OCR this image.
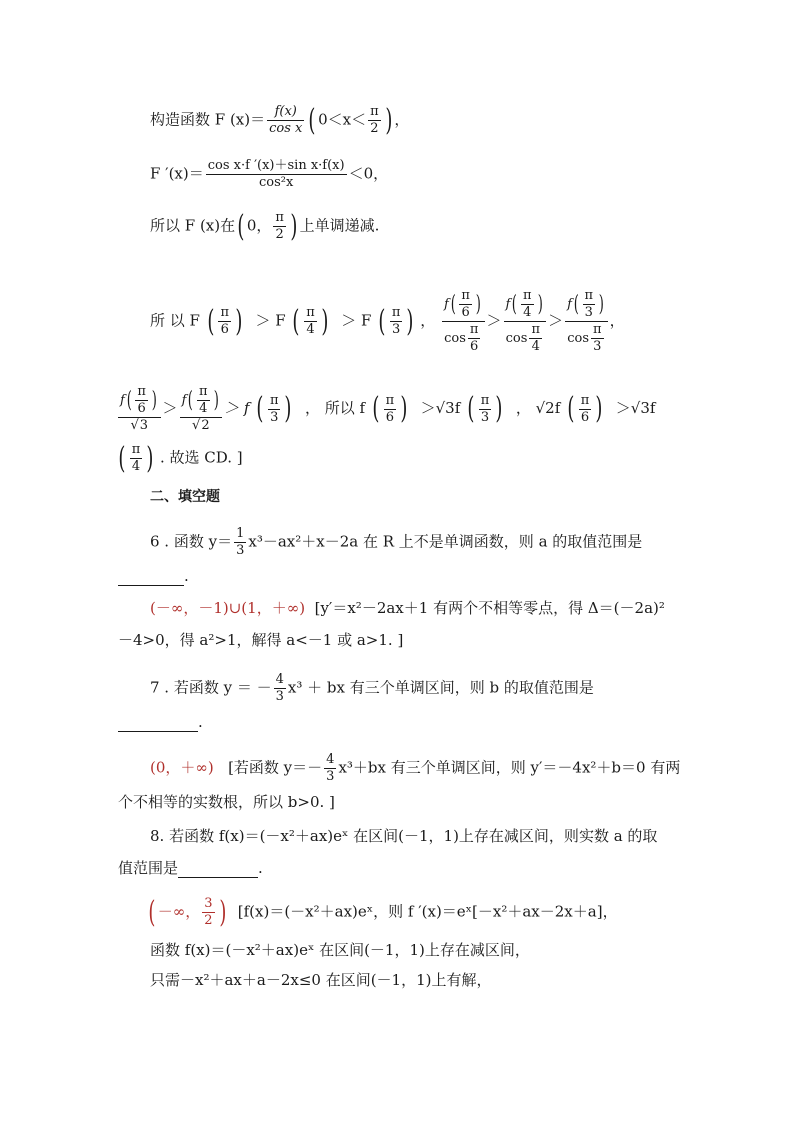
构造函数 F $(x)= \frac{f(x)}{\text{cos x}}$ ( $0<x< \frac{\pi}{2}$ ) ，
F $'(x)= \frac{\text{cos x·f ′(x)＋sin x·f(x)}}{\text{cos²x}} <0$，
所以 F (x)在( 0， $\frac{\pi}{2}$ ) 上单调递减.
所 以 F ( $\frac{\pi}{6}$ ) ＞ F ( $\frac{\pi}{4}$ ) ＞ F ( $\frac{\pi}{3}$ ) ， $\frac{f( \frac{\pi}{6} )}{\cos \frac{\pi}{6}} > \frac{f( \frac{\pi}{4} )}{\cos \frac{\pi}{4}} > \frac{f( \frac{\pi}{3} )}{\cos \frac{\pi}{3}}$ ，
$\frac{f( \frac{\pi}{6} )}{√3} > \frac{f( \frac{\pi}{4} )}{√2} > f$ ( $\frac{\pi}{3}$ ) ， 所以 f ( $\frac{\pi}{6}$ ) ＞√3f ( $\frac{\pi}{3}$ ) ， √2f ( $\frac{\pi}{6}$ ) ＞√3f
( $\frac{\pi}{4}$ ) . 故选 CD. ]
二、填空题
6 . 函数 $y= \frac{1}{3} x^3-ax^2+x-2a$ 在 R 上不是单调函数，则 a 的取值范围是
.
(－∞，－1)∪(1，＋∞) [y′＝x²－2ax＋1 有两个不相等零点，得 Δ＝(－2a)²
－4>0，得 a²>1，解得 a<－1 或 a>1. ]
7 . 若函数 y ＝ － $\frac{4}{3} x^3$ ＋ bx 有三个单调区间，则 b 的取值范围是
.
(0，＋∞) [若函数 $y=- \frac{4}{3} x^3+bx$ 有三个单调区间，则 y′＝－4x²＋b＝0 有两
个不相等的实数根，所以 b>0. ]
8. 若函数 f(x)＝(－x²＋ax)eˣ 在区间(－1，1)上存在减区间，则实数 a 的取
值范围是	.
( －∞， $\frac{3}{2}$ ) [f(x)＝(－x²＋ax)eˣ，则 f ′(x)＝eˣ[－x²＋ax－2x＋a]，
函数 f(x)＝(－x²＋ax)eˣ 在区间(－1，1)上存在减区间，
只需－x²＋ax＋a－2x≤0 在区间(－1，1)上有解，
